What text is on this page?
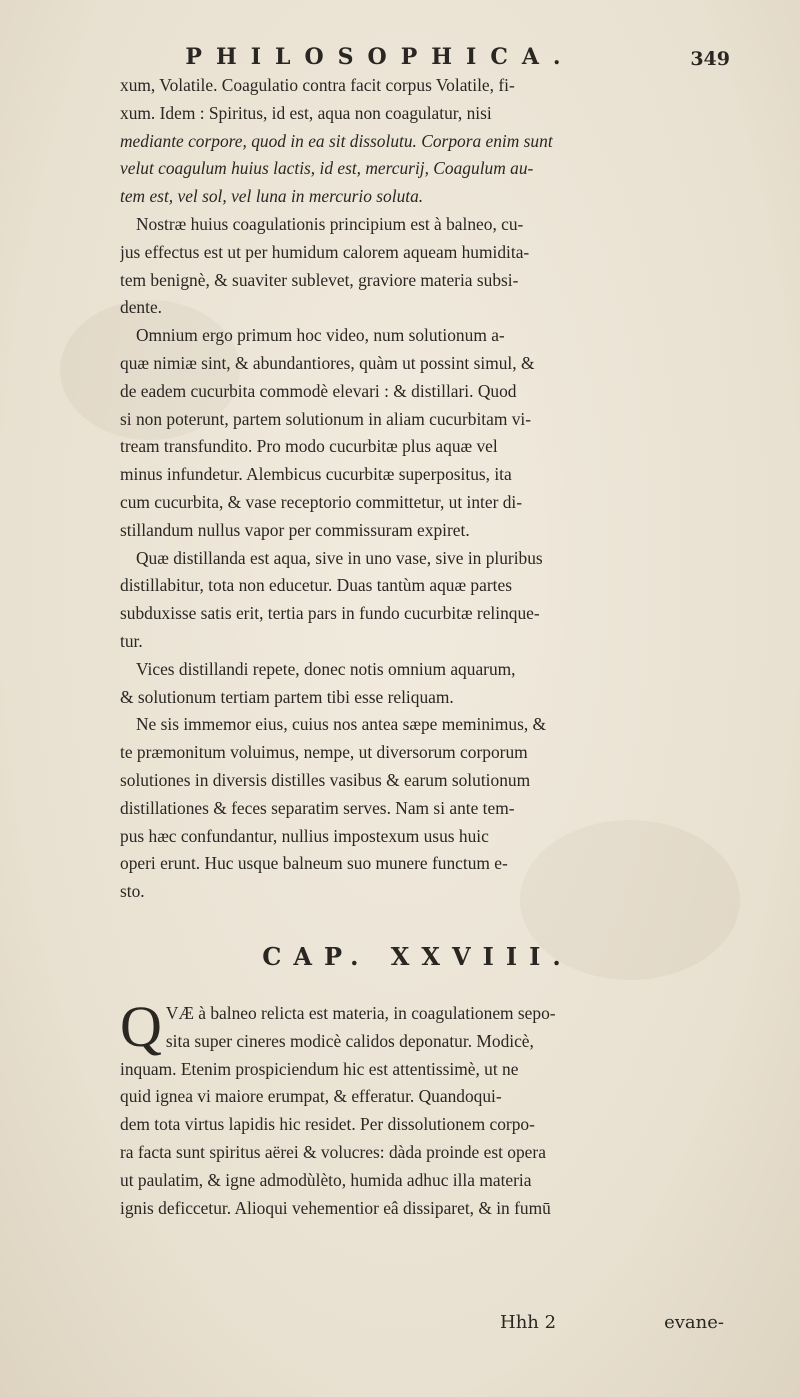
PHILOSOPHICA.	349
xum, Volatile. Coagulatio contra facit corpus Volatile, fi-
xum. Idem : Spiritus, id est, aqua non coagulatur, nisi
mediante corpore, quod in ea sit dissolutu. Corpora enim sunt
velut coagulum huius lactis, id est, mercurij, Coagulum au-
tem est, vel sol, vel luna in mercurio soluta.
Nostræ huius coagulationis principium est à balneo, cu-
jus effectus est ut per humidum calorem aqueam humidita-
tem benignè, & suaviter sublevet, graviore materia subsi-
dente.
Omnium ergo primum hoc video, num solutionum a-
quæ nimiæ sint, & abundantiores, quàm ut possint simul, &
de eadem cucurbita commodè elevari : & distillari. Quod
si non poterunt, partem solutionum in aliam cucurbitam vi-
tream transfundito. Pro modo cucurbitæ plus aquæ vel
minus infundetur. Alembicus cucurbitæ superpositus, ita
cum cucurbita, & vase receptorio committetur, ut inter di-
stillandum nullus vapor per commissuram expiret.
Quæ distillanda est aqua, sive in uno vase, sive in pluribus
distillabitur, tota non educetur. Duas tantùm aquæ partes
subduxisse satis erit, tertia pars in fundo cucurbitæ relinque-
tur.
Vices distillandi repete, donec notis omnium aquarum,
& solutionum tertiam partem tibi esse reliquam.
Ne sis immemor eius, cuius nos antea sæpe meminimus, &
te præmonitum voluimus, nempe, ut diversorum corporum
solutiones in diversis distilles vasibus & earum solutionum
distillationes & feces separatim serves. Nam si ante tem-
pus hæc confundantur, nullius impostexum usus huic
operi erunt. Huc usque balneum suo munere functum e-
sto.
CAP. XXVIII.
Q VÆ à balneo relicta est materia, in coagulationem sepo-
sita super cineres modicè calidos deponatur. Modicè,
inquam. Etenim prospiciendum hic est attentissimè, ut ne
quid ignea vi maiore erumpat, & efferatur. Quandoqui-
dem tota virtus lapidis hic residet. Per dissolutionem corpo-
ra facta sunt spiritus aërei & volucres: dàda proinde est opera
ut paulatim, & igne admodùlèto, humida adhuc illa materia
ignis deficcetur. Alioqui vehementior eâ dissiparet, & in fumū
Hhh 2	evane-
